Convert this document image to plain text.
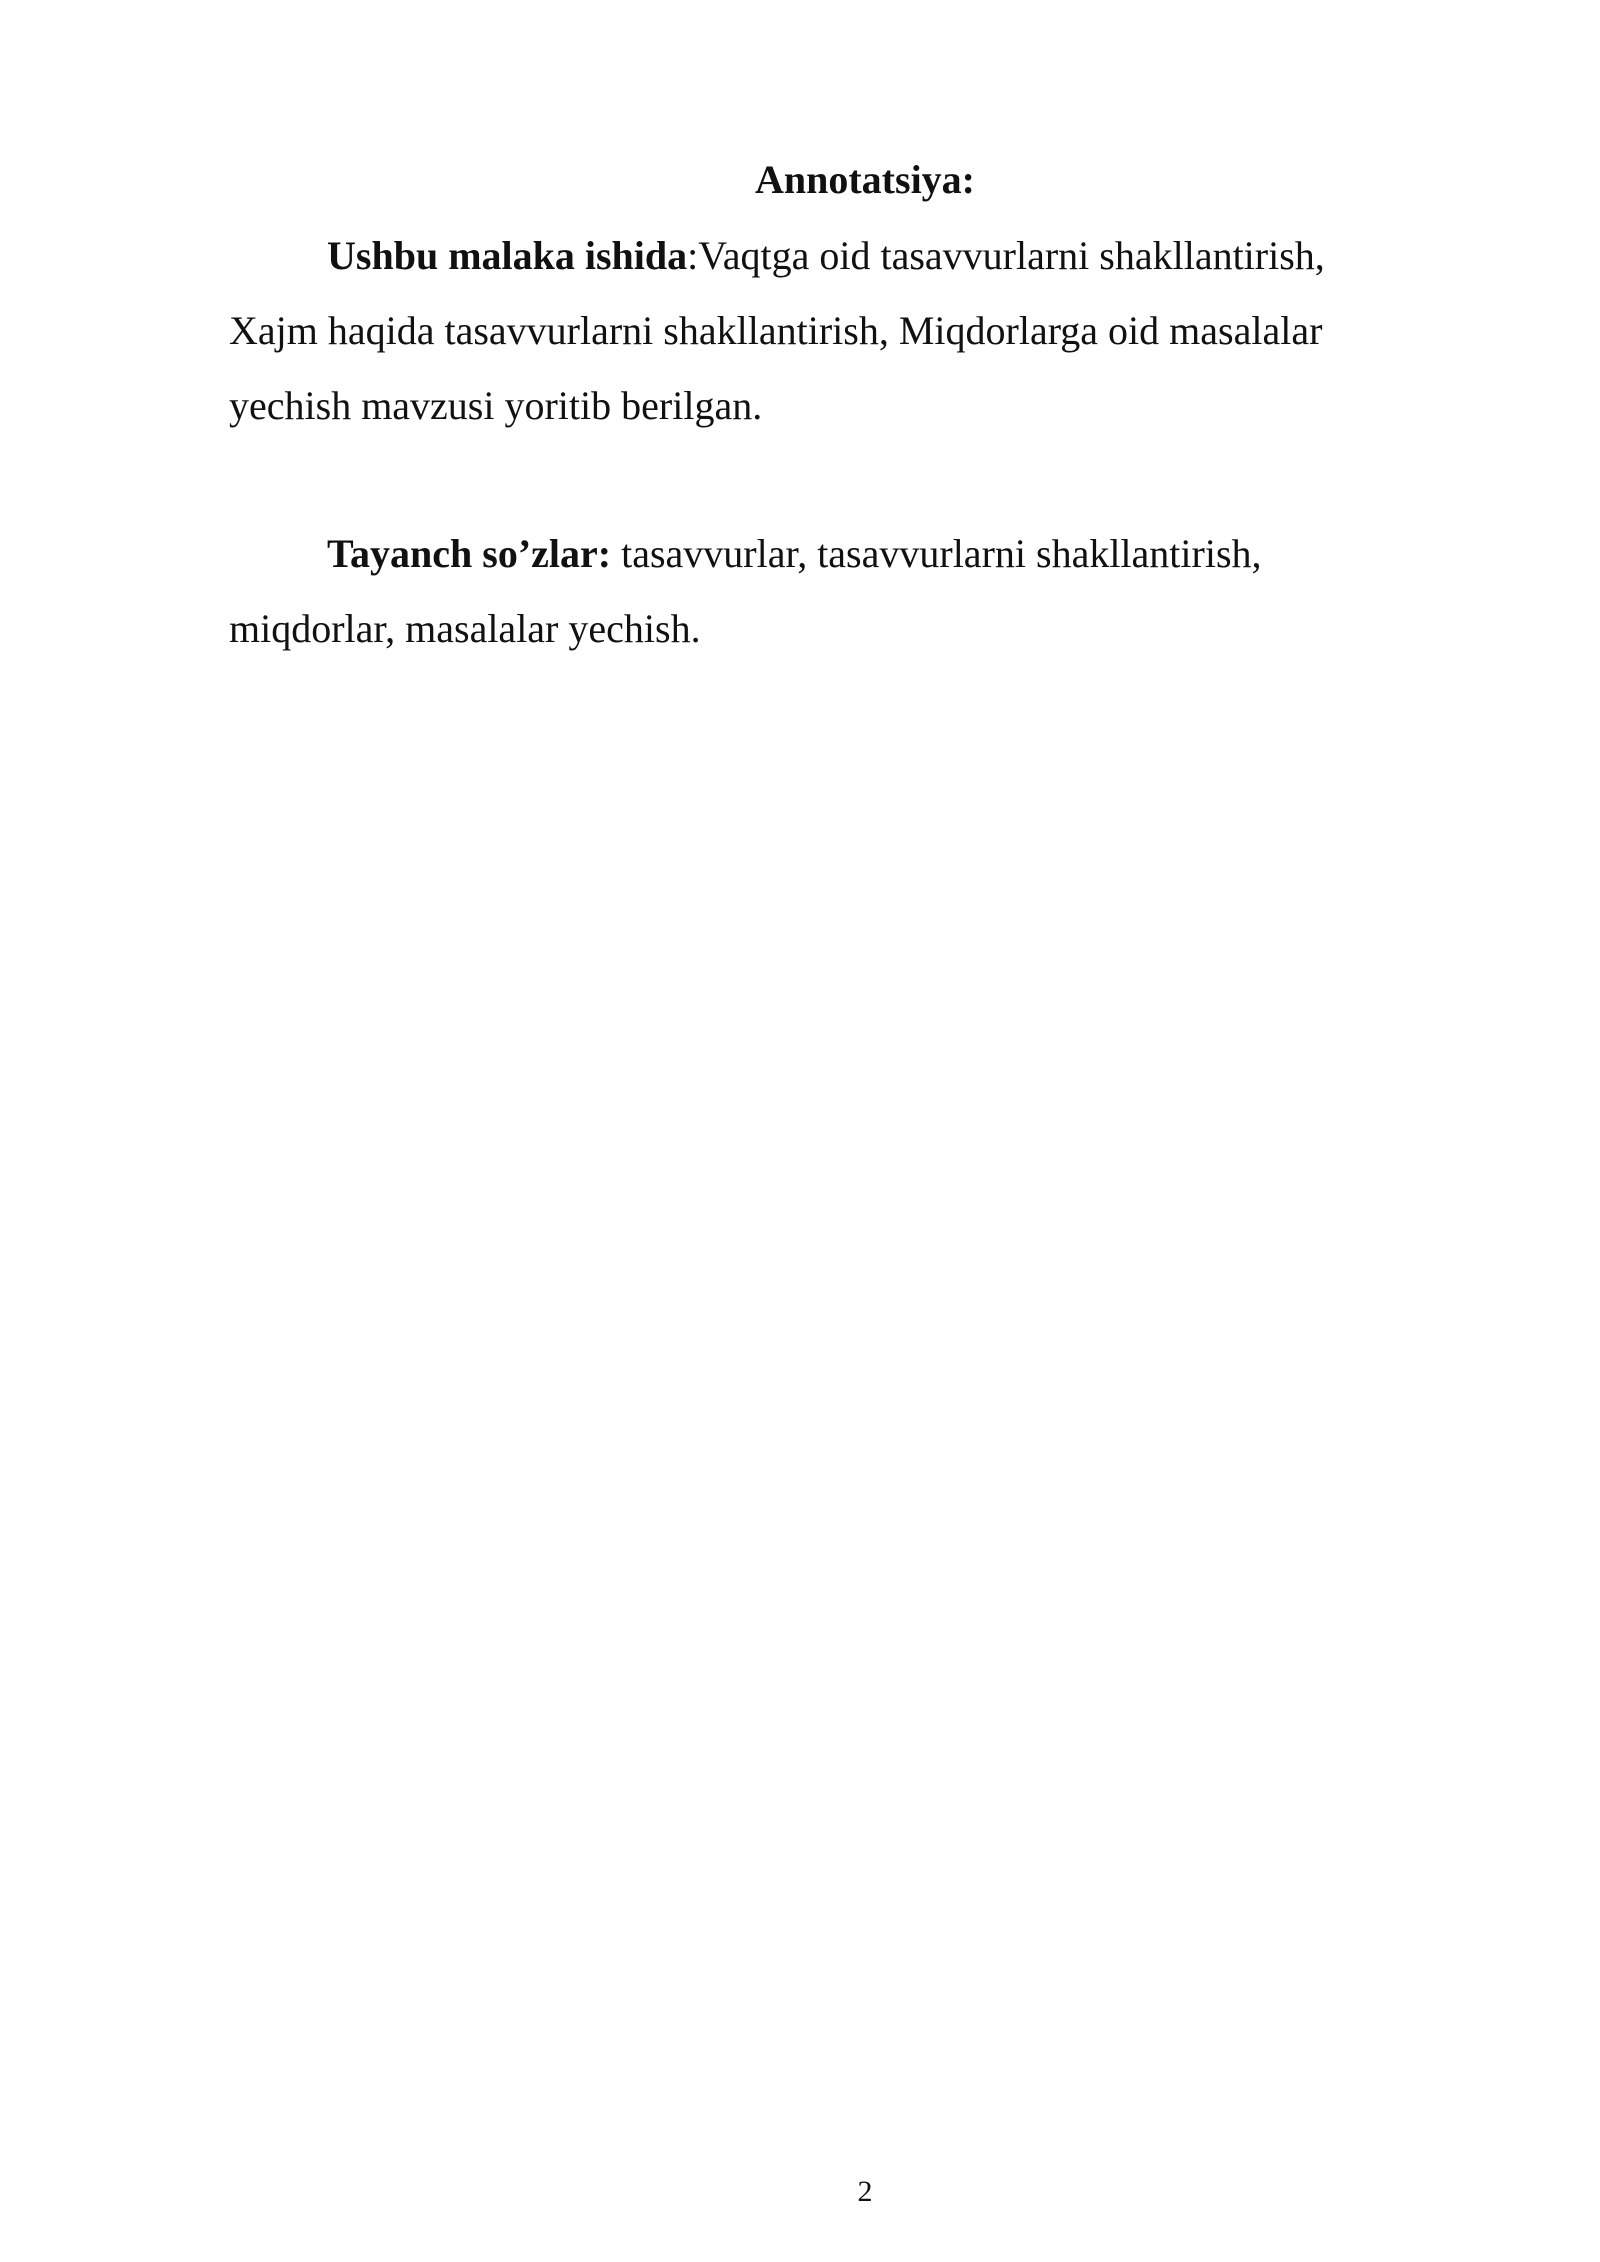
Annotatsiya:
Ushbu malaka ishida:Vaqtga oid tasavvurlarni shakllantirish,
Xajm haqida tasavvurlarni shakllantirish, Miqdorlarga oid masalalar
yechish mavzusi yoritib berilgan.
Tayanch so’zlar: tasavvurlar, tasavvurlarni shakllantirish,
miqdorlar, masalalar yechish.
2
